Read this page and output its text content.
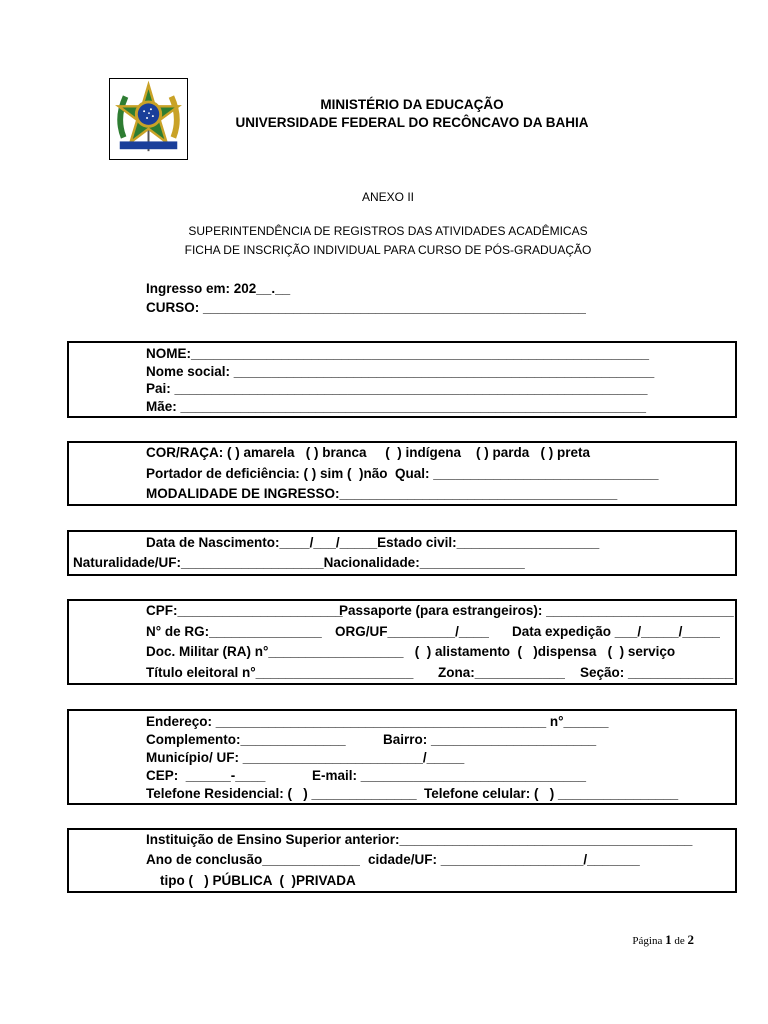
MINISTÉRIO DA EDUCAÇÃO
UNIVERSIDADE FEDERAL DO RECÔNCAVO DA BAHIA
ANEXO II
SUPERINTENDÊNCIA DE REGISTROS DAS ATIVIDADES ACADÊMICAS
FICHA DE INSCRIÇÃO INDIVIDUAL PARA CURSO DE PÓS-GRADUAÇÃO
Ingresso em: 202__.__
CURSO: ___________________________________________________
NOME:_____________________________________________________________
Nome social: ________________________________________________________
Pai: _______________________________________________________________
Mãe: ______________________________________________________________
COR/RAÇA: ( ) amarela   ( ) branca     (  ) indígena    ( ) parda   ( ) preta
Portador de deficiência: ( ) sim (  )não  Qual: ______________________________
MODALIDADE DE INGRESSO:_____________________________________
Data de Nascimento:____/___/_____Estado civil:___________________
Naturalidade/UF:___________________Nacionalidade:______________
CPF:______________________
Passaporte (para estrangeiros): _________________________
N° de RG:_______________ ORG/UF_________/____ Data expedição ___/_____/_____
Doc. Militar (RA) n°__________________   (  ) alistamento  (   )dispensa   (  ) serviço
Título eleitoral n°_____________________ Zona:____________ Seção: ______________
Endereço: ____________________________________________ n°______
Complemento:______________	Bairro: ______________________
Município/ UF: ________________________/_____
CEP:  ______-____	E-mail: ______________________________
Telefone Residencial: (   ) ______________ Telefone celular: (   ) ________________
Instituição de Ensino Superior anterior:_______________________________________
Ano de conclusão_____________ cidade/UF: ___________________/_______
tipo (   ) PÚBLICA  (  )PRIVADA
Página 1 de 2
